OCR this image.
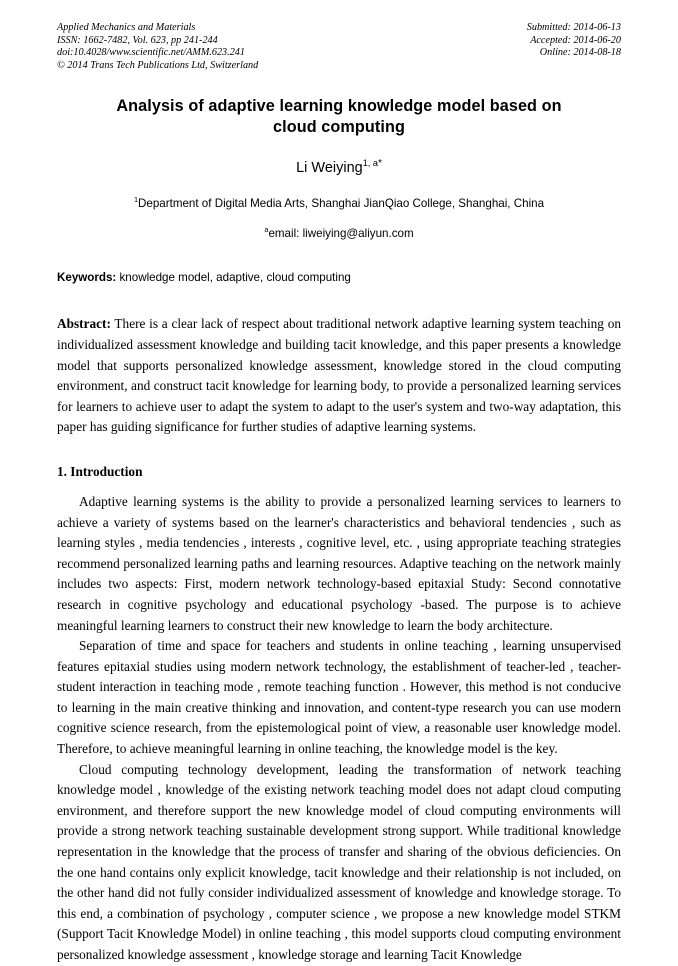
Applied Mechanics and Materials
ISSN: 1662-7482, Vol. 623, pp 241-244
doi:10.4028/www.scientific.net/AMM.623.241
© 2014 Trans Tech Publications Ltd, Switzerland
Submitted: 2014-06-13
Accepted: 2014-06-20
Online: 2014-08-18
Analysis of adaptive learning knowledge model based on cloud computing
Li Weiying$^{1, a*}$
$^1$Department of Digital Media Arts, Shanghai JianQiao College, Shanghai, China
$^a$email: liweiying@aliyun.com
Keywords: knowledge model, adaptive, cloud computing
Abstract: There is a clear lack of respect about traditional network adaptive learning system teaching on individualized assessment knowledge and building tacit knowledge, and this paper presents a knowledge model that supports personalized knowledge assessment, knowledge stored in the cloud computing environment, and construct tacit knowledge for learning body, to provide a personalized learning services for learners to achieve user to adapt the system to adapt to the user's system and two-way adaptation, this paper has guiding significance for further studies of adaptive learning systems.
1. Introduction

Adaptive learning systems is the ability to provide a personalized learning services to learners to achieve a variety of systems based on the learner's characteristics and behavioral tendencies , such as learning styles , media tendencies , interests , cognitive level, etc. , using appropriate teaching strategies recommend personalized learning paths and learning resources. Adaptive teaching on the network mainly includes two aspects: First, modern network technology-based epitaxial Study: Second connotative research in cognitive psychology and educational psychology -based. The purpose is to achieve meaningful learning learners to construct their new knowledge to learn the body architecture.

Separation of time and space for teachers and students in online teaching , learning unsupervised features epitaxial studies using modern network technology, the establishment of teacher-led , teacher-student interaction in teaching mode , remote teaching function . However, this method is not conducive to learning in the main creative thinking and innovation, and content-type research you can use modern cognitive science research, from the epistemological point of view, a reasonable user knowledge model. Therefore, to achieve meaningful learning in online teaching, the knowledge model is the key.

Cloud computing technology development, leading the transformation of network teaching knowledge model , knowledge of the existing network teaching model does not adapt cloud computing environment, and therefore support the new knowledge model of cloud computing environments will provide a strong network teaching sustainable development strong support. While traditional knowledge representation in the knowledge that the process of transfer and sharing of the obvious deficiencies. On the one hand contains only explicit knowledge, tacit knowledge and their relationship is not included, on the other hand did not fully consider individualized assessment of knowledge and knowledge storage. To this end, a combination of psychology , computer science , we propose a new knowledge model STKM (Support Tacit Knowledge Model) in online teaching , this model supports cloud computing environment personalized knowledge assessment , knowledge storage and learning Tacit Knowledge
